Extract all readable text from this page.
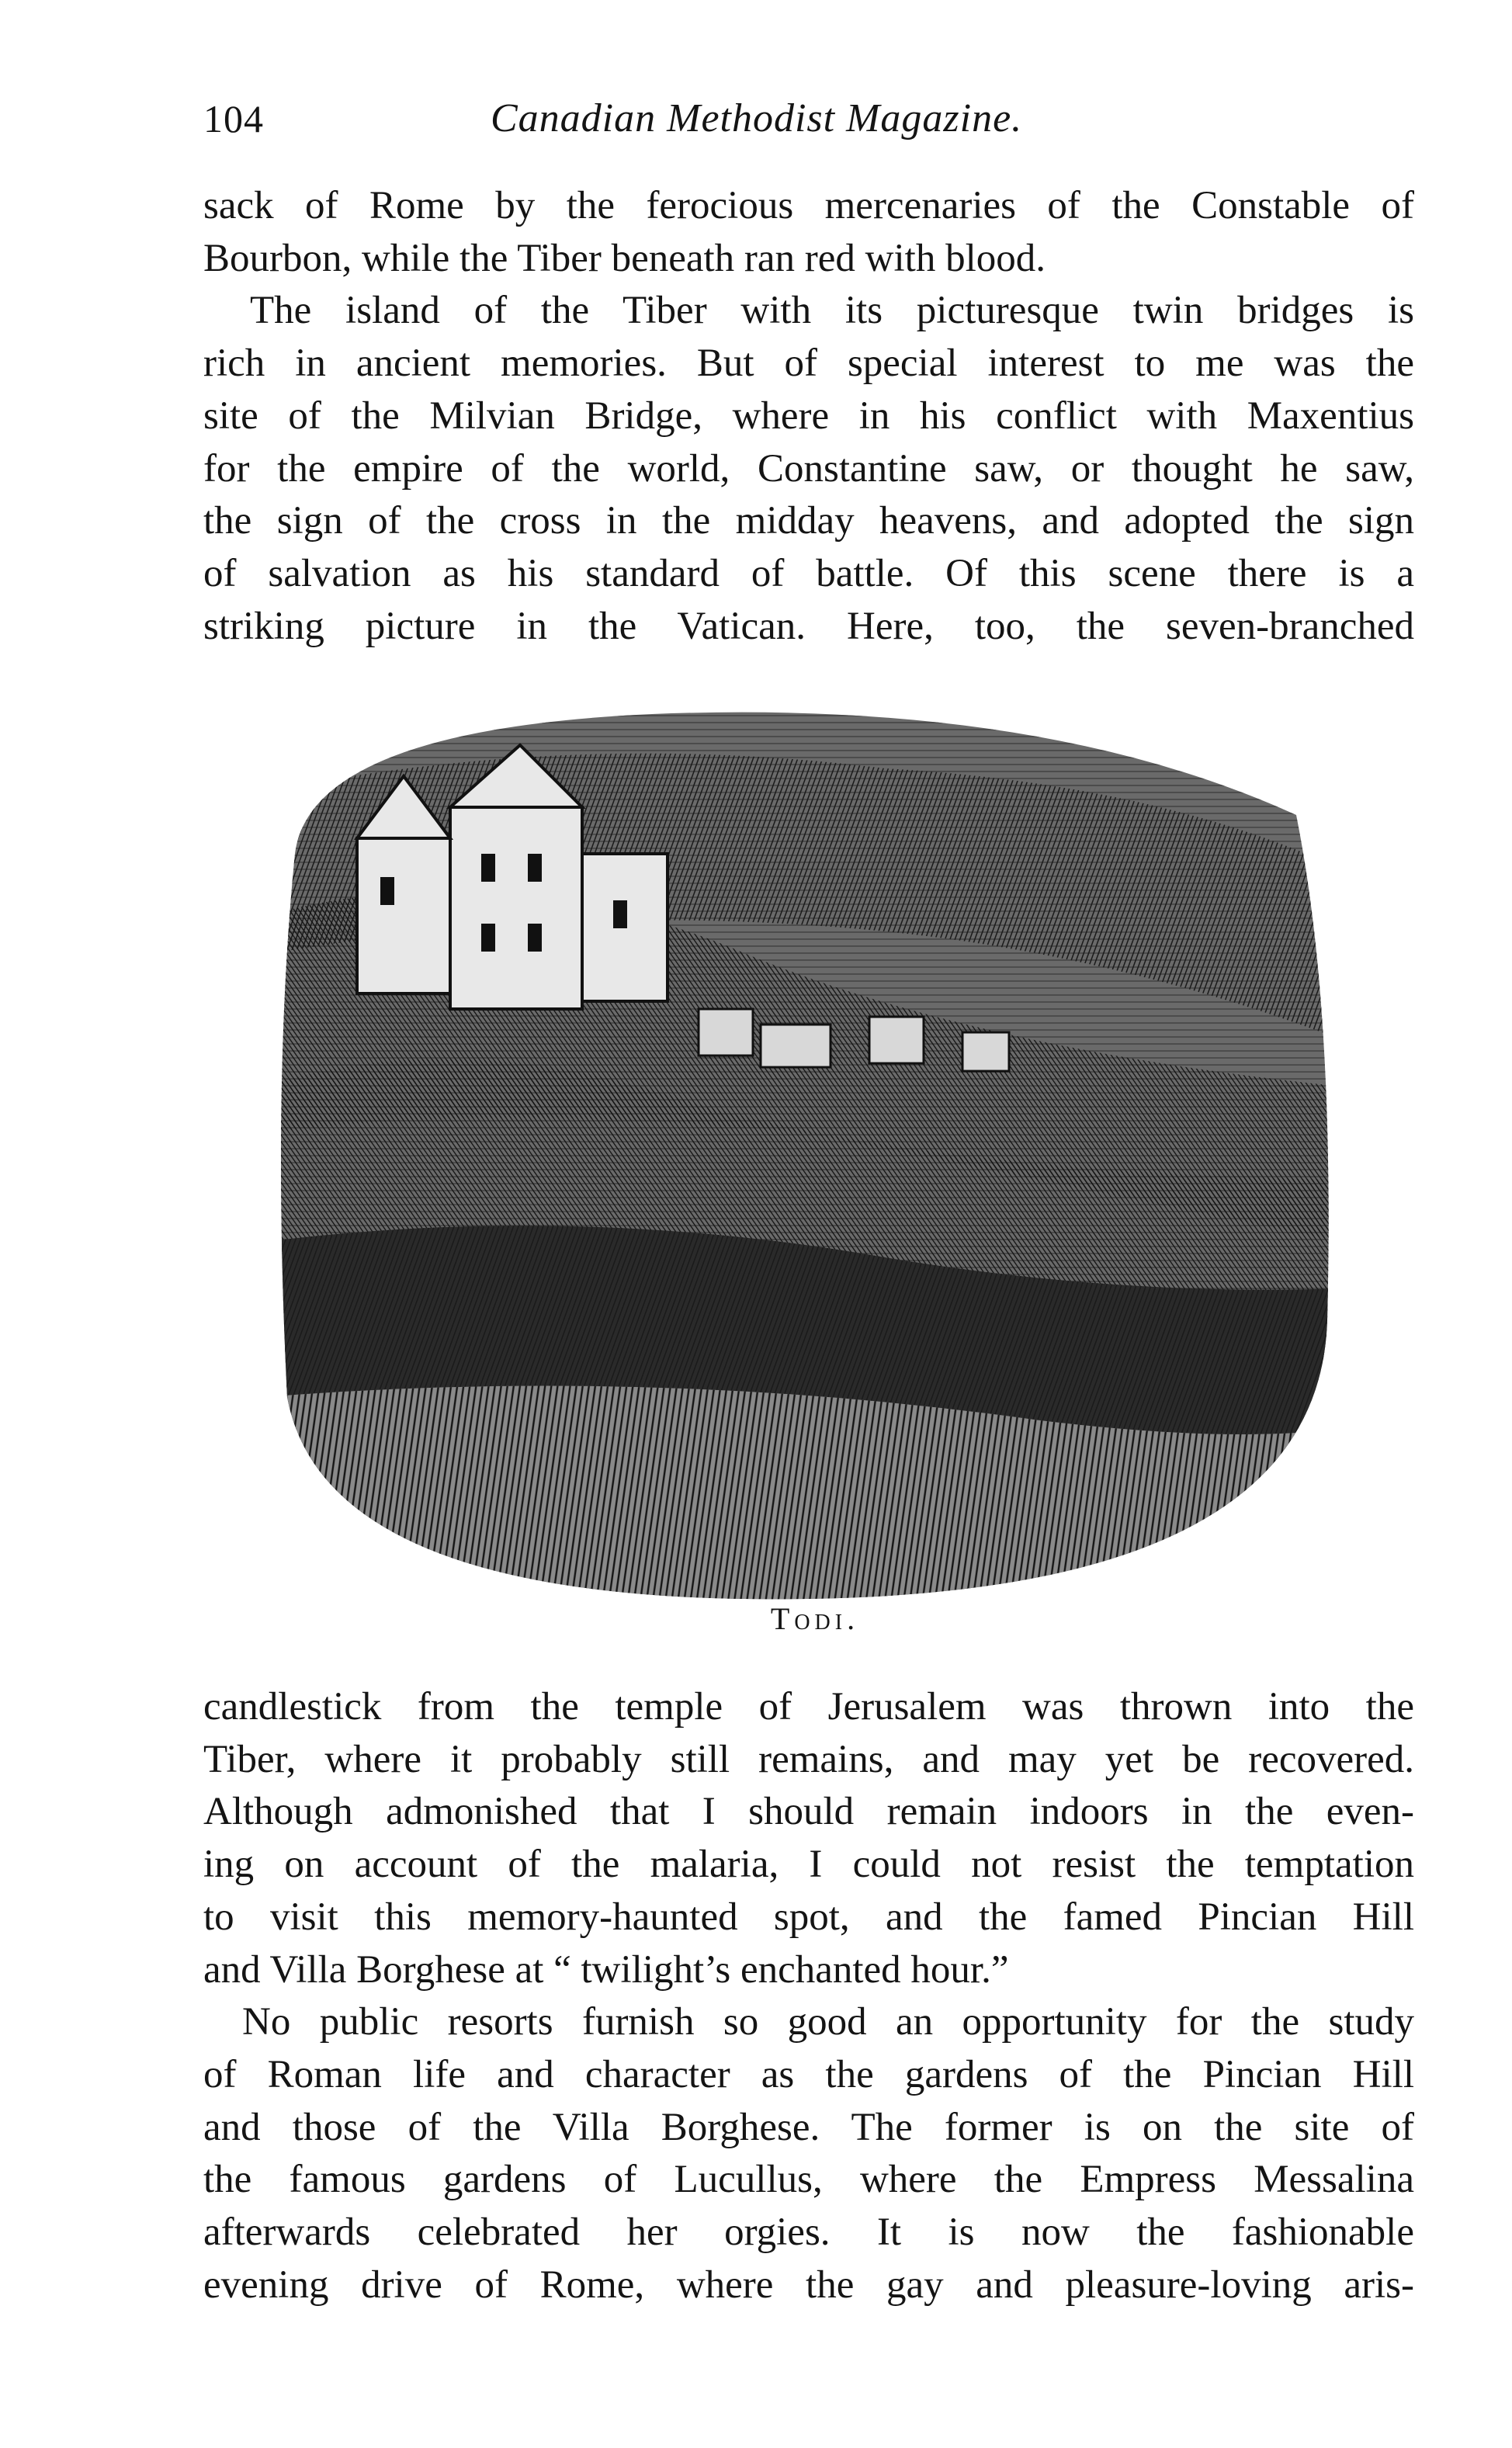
104	Canadian Methodist Magazine.
sack of Rome by the ferocious mercenaries of the Constable of
Bourbon, while the Tiber beneath ran red with blood.
The island of the Tiber with its picturesque twin bridges is
rich in ancient memories. But of special interest to me was the
site of the Milvian Bridge, where in his conflict with Maxentius
for the empire of the world, Constantine saw, or thought he saw,
the sign of the cross in the midday heavens, and adopted the sign
of salvation as his standard of battle. Of this scene there is a
striking picture in the Vatican. Here, too, the seven-branched
Todi.
candlestick from the temple of Jerusalem was thrown into the
Tiber, where it probably still remains, and may yet be recovered.
Although admonished that I should remain indoors in the even-
ing on account of the malaria, I could not resist the temptation
to visit this memory-haunted spot, and the famed Pincian Hill
and Villa Borghese at “ twilight’s enchanted hour.”
No public resorts furnish so good an opportunity for the study
of Roman life and character as the gardens of the Pincian Hill
and those of the Villa Borghese. The former is on the site of
the famous gardens of Lucullus, where the Empress Messalina
afterwards celebrated her orgies. It is now the fashionable
evening drive of Rome, where the gay and pleasure-loving aris-
